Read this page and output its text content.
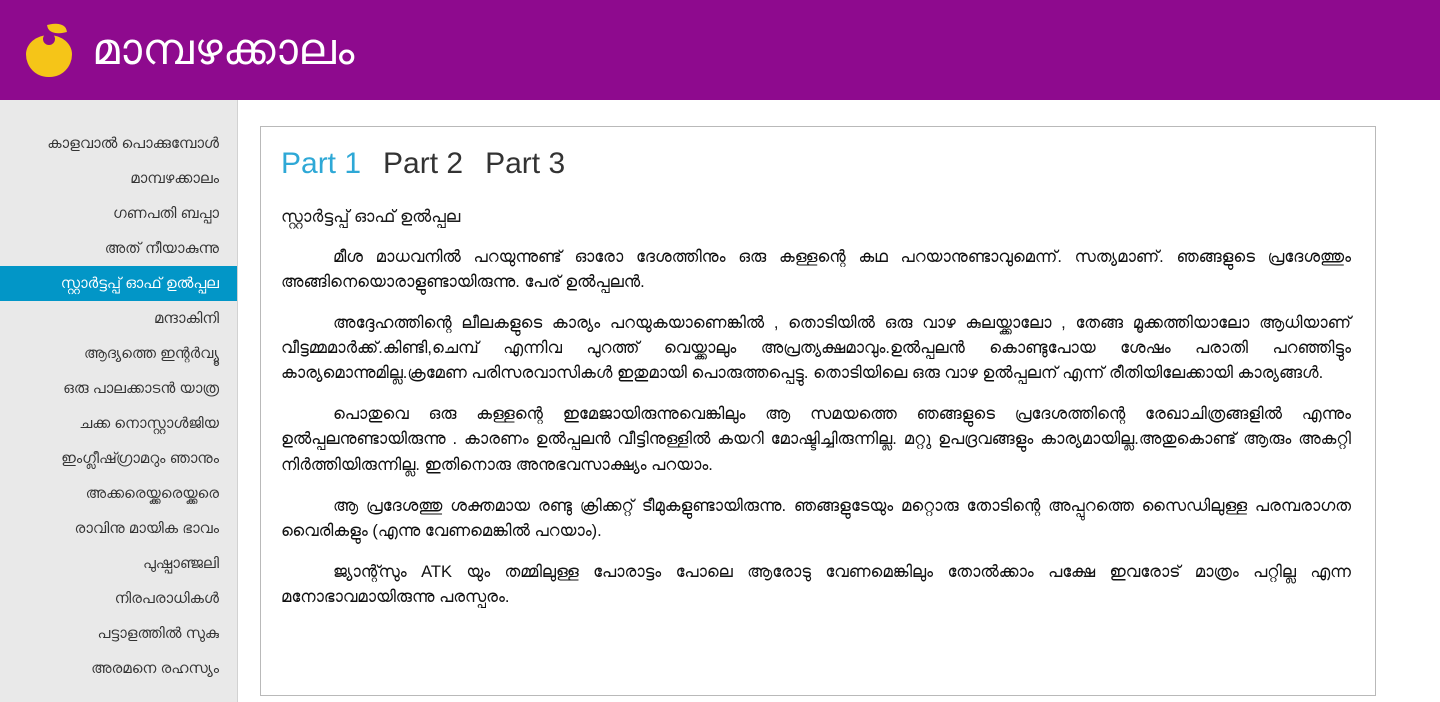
മാമ്പഴക്കാലം
കാളവാൽ പൊക്കുമ്പോൾ
മാമ്പഴക്കാലം
ഗണപതി ബപ്പാ
അത് നീയാകുന്നു
സ്റ്റാർട്ടപ്പ് ഓഫ് ഉൽപ്പല
മന്ദാകിനി
ആദ്യത്തെ ഇന്റർവ്യൂ
ഒരു പാലക്കാടൻ യാത്ര
ചക്ക നൊസ്റ്റാൾജിയ
ഇംഗ്ലീഷ്ഗ്രാമറും ഞാനും
അക്കരെയ്ക്കരെയ്ക്കരെ
രാവിനു മായിക ഭാവം
പുഷ്പാഞ്ജലി
നിരപരാധികൾ
പട്ടാളത്തിൽ സുകു
അരമനെ രഹസ്യം
Part 1 Part 2 Part 3
സ്റ്റാർട്ടപ്പ് ഓഫ് ഉൽപ്പല

മീശ മാധവനിൽ പറയുന്നുണ്ട് ഓരോ ദേശത്തിനും ഒരു കള്ളന്റെ കഥ പറയാനുണ്ടാവുമെന്ന്. സത്യമാണ്. ഞങ്ങളുടെ പ്രദേശത്തും അങ്ങിനെയൊരാളുണ്ടായിരുന്നു. പേര് ഉൽപ്പലൻ.

അദ്ദേഹത്തിന്റെ ലീലകളുടെ കാര്യം പറയുകയാണെങ്കിൽ , തൊടിയിൽ ഒരു വാഴ കുലയ്ക്കാലോ , തേങ്ങ മൂക്കത്തിയാലോ ആധിയാണ് വീട്ടമ്മമാർക്ക്.കിണ്ടി,ചെമ്പ് എന്നിവ പുറത്ത് വെയ്ക്കാലും അപ്രത്യക്ഷമാവും.ഉൽപ്പലൻ കൊണ്ടുപോയ ശേഷം പരാതി പറഞ്ഞിട്ടും കാര്യമൊന്നുമില്ല.ക്രമേണ പരിസരവാസികൾ ഇതുമായി പൊരുത്തപ്പെട്ടു. തൊടിയിലെ ഒരു വാഴ ഉൽപ്പലന് എന്ന് രീതിയിലേക്കായി കാര്യങ്ങൾ.

പൊതുവെ ഒരു കള്ളന്റെ ഇമേജായിരുന്നുവെങ്കിലും ആ സമയത്തെ ഞങ്ങളുടെ പ്രദേശത്തിന്റെ രേഖാചിത്രങ്ങളിൽ എന്നും ഉൽപ്പലനുണ്ടായിരുന്നു . കാരണം ഉൽപ്പലൻ വീട്ടിനുള്ളിൽ കയറി മോഷ്ടിച്ചിരുന്നില്ല. മറ്റു ഉപദ്രവങ്ങളും കാര്യമായില്ല.അതുകൊണ്ട് ആരും അകറ്റി നിർത്തിയിരുന്നില്ല. ഇതിനൊരു അനുഭവസാക്ഷ്യം പറയാം.

ആ പ്രദേശത്തു ശക്തമായ രണ്ടു ക്രിക്കറ്റ് ടീമുകളുണ്ടായിരുന്നു. ഞങ്ങളുടേയും മറ്റൊരു തോടിന്റെ അപ്പുറത്തെ സൈഡിലുള്ള പരമ്പരാഗത വൈരികളും (എന്നു വേണമെങ്കിൽ പറയാം).

ജ്യാന്റ്സും ATK യും തമ്മിലുള്ള പോരാട്ടം പോലെ ആരോടു വേണമെങ്കിലും തോൽക്കാം പക്ഷേ ഇവരോട് മാത്രം പറ്റില്ല എന്ന മനോഭാവമായിരുന്നു പരസ്പരം.
